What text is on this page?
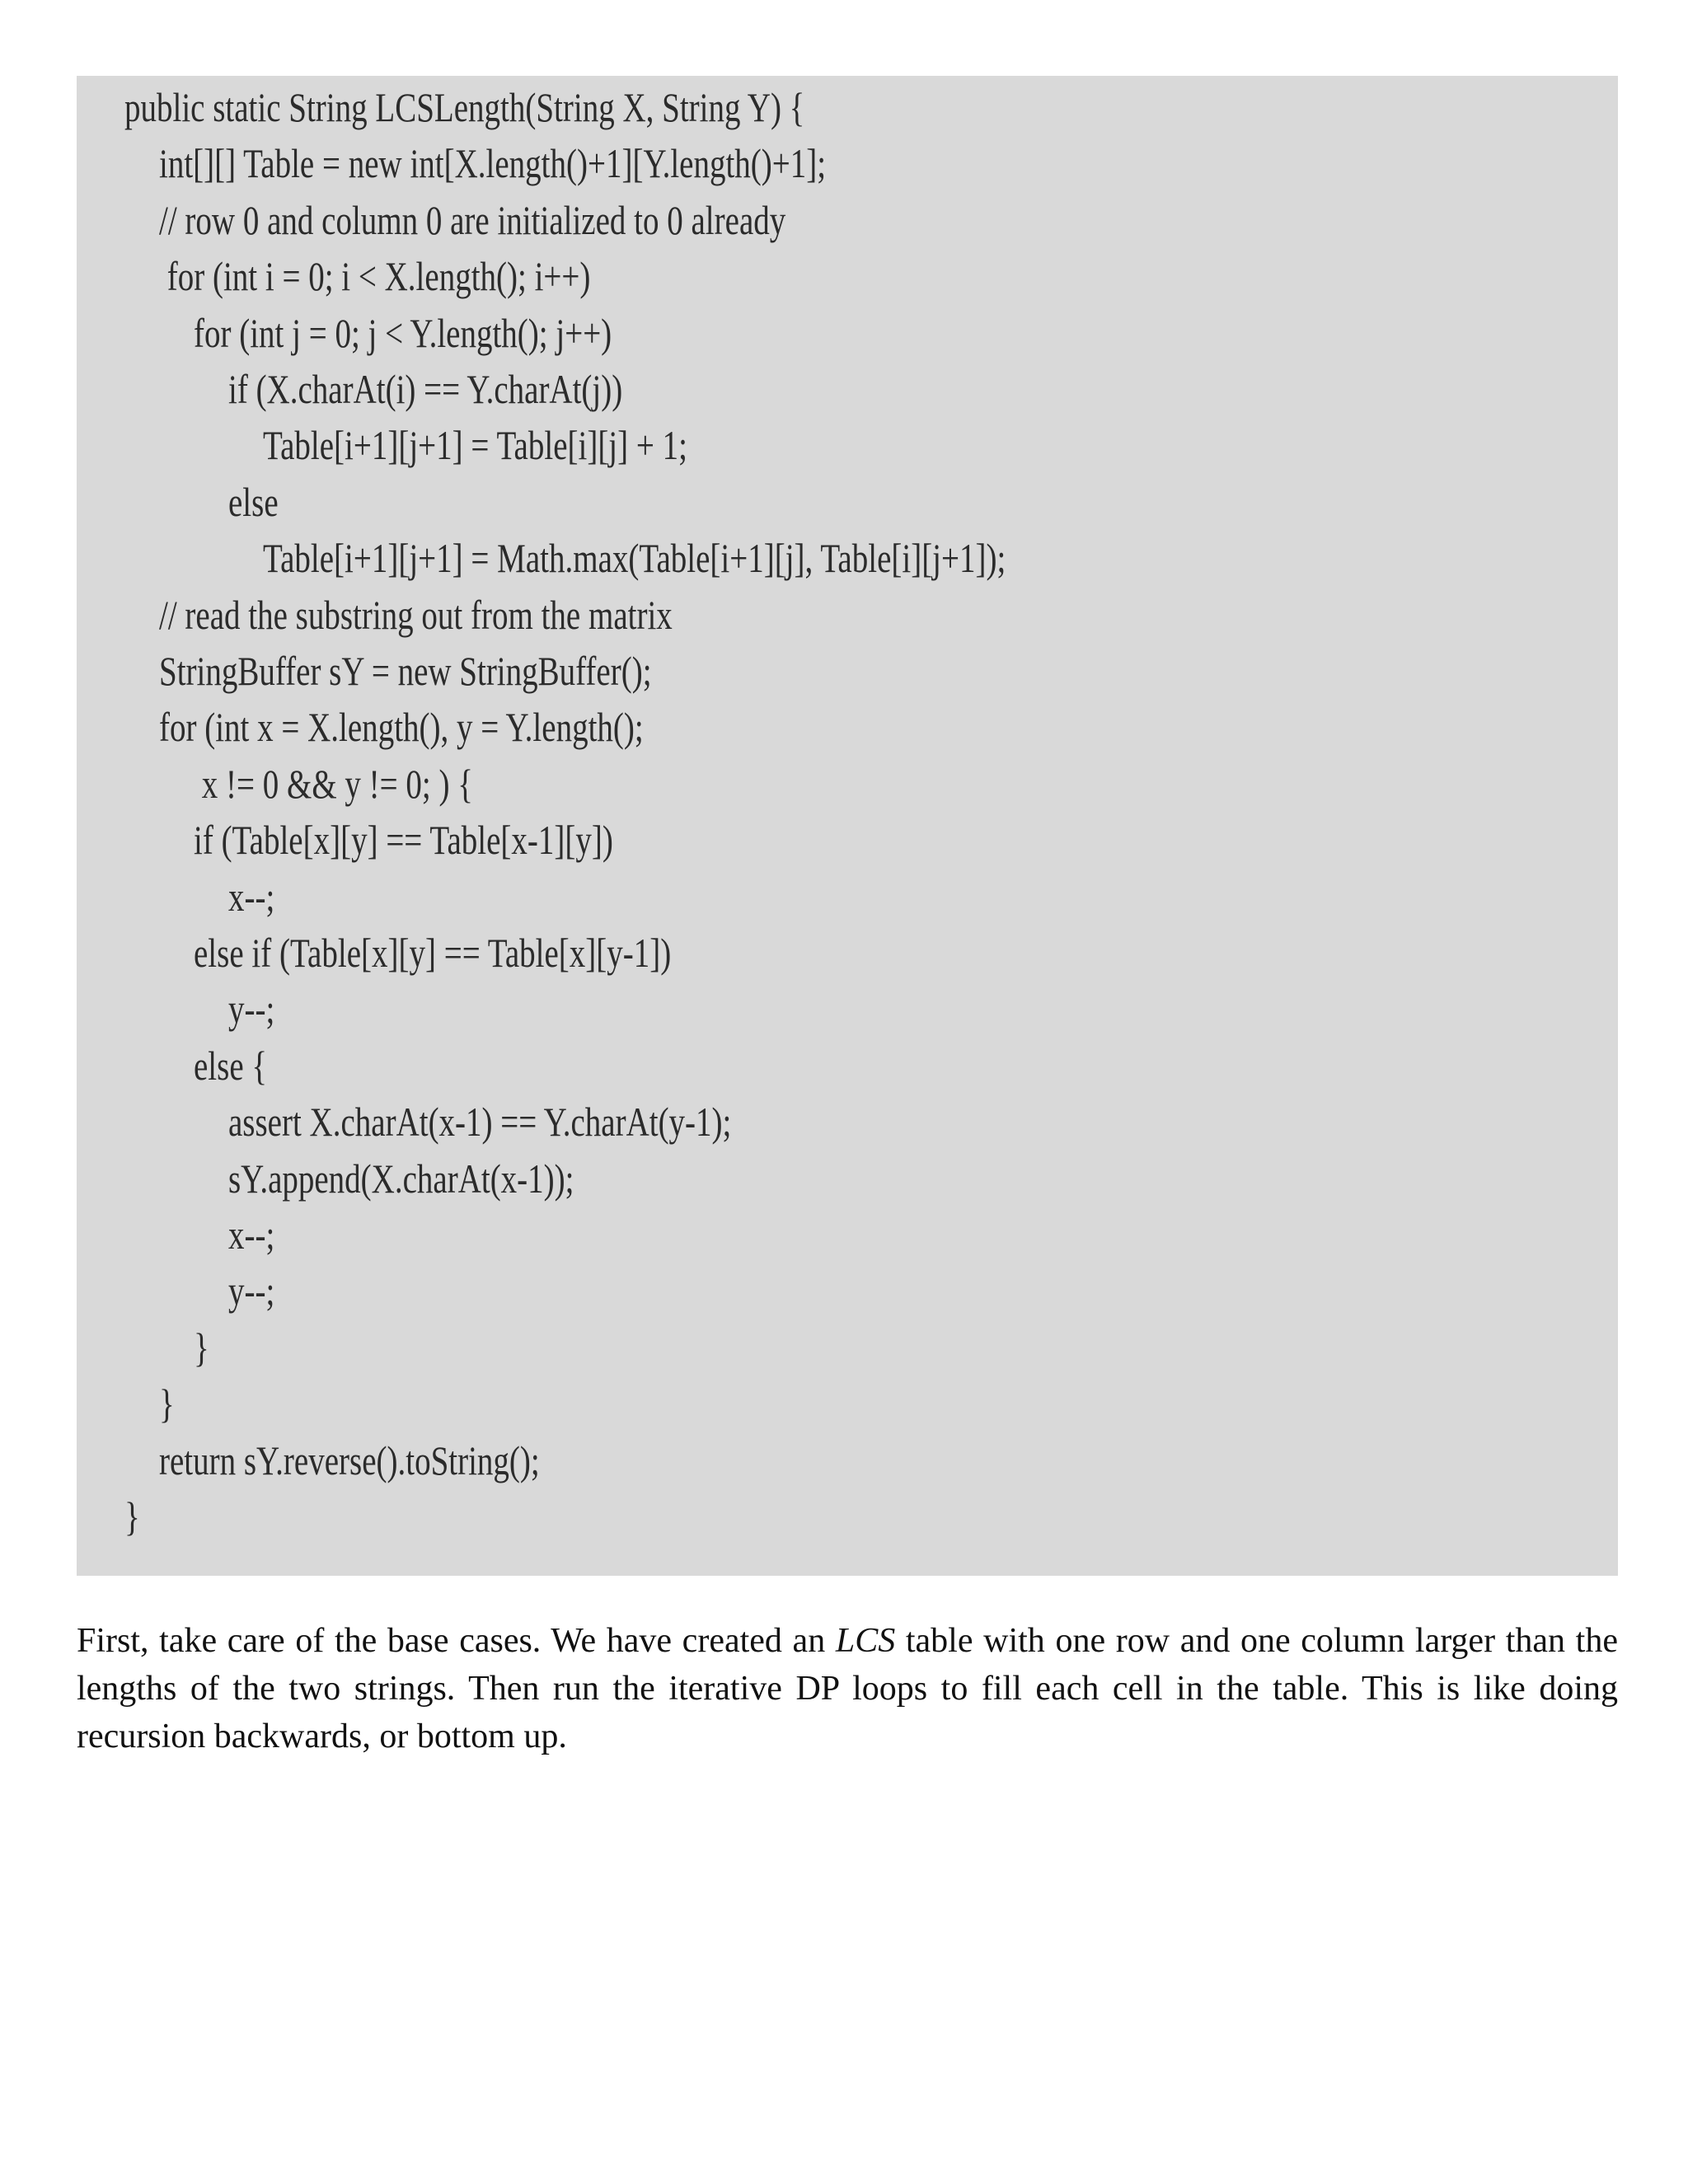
public static String LCSLength(String X, String Y) {
int[][] Table = new int[X.length()+1][Y.length()+1];
// row 0 and column 0 are initialized to 0 already
for (int i = 0; i < X.length(); i++)
for (int j = 0; j < Y.length(); j++)
if (X.charAt(i) == Y.charAt(j))
Table[i+1][j+1] = Table[i][j] + 1;
else
Table[i+1][j+1] = Math.max(Table[i+1][j], Table[i][j+1]);
// read the substring out from the matrix
StringBuffer sY = new StringBuffer();
for (int x = X.length(), y = Y.length();
x != 0 && y != 0; ) {
if (Table[x][y] == Table[x-1][y])
x--;
else if (Table[x][y] == Table[x][y-1])
y--;
else {
assert X.charAt(x-1) == Y.charAt(y-1);
sY.append(X.charAt(x-1));
x--;
y--;
}
}
return sY.reverse().toString();
}

First, take care of the base cases. We have created an LCS table with one row and one column larger than the lengths of the two strings. Then run the iterative DP loops to fill each cell in the table. This is like doing recursion backwards, or bottom up.
